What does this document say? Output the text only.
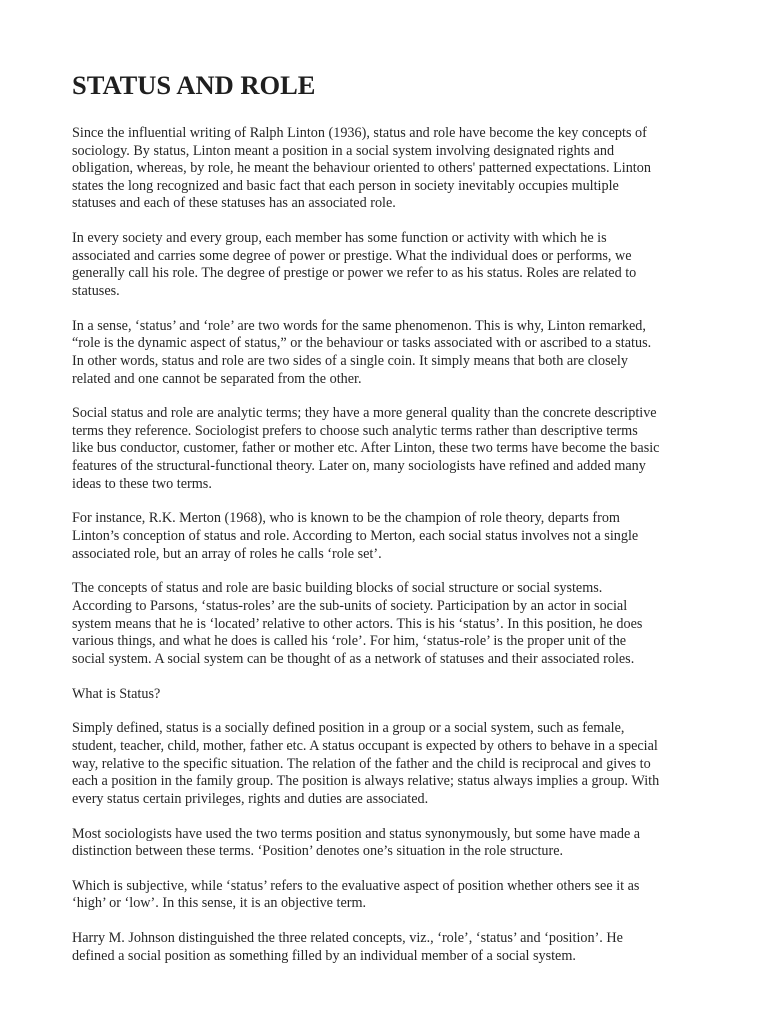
STATUS AND ROLE

Since the influential writing of Ralph Linton (1936), status and role have become the key concepts of
sociology. By status, Linton meant a position in a social system involving designated rights and
obligation, whereas, by role, he meant the behaviour oriented to others' patterned expectations. Linton
states the long recognized and basic fact that each person in society inevitably occupies multiple
statuses and each of these statuses has an associated role.

In every society and every group, each member has some function or activity with which he is
associated and carries some degree of power or prestige. What the individual does or performs, we
generally call his role. The degree of prestige or power we refer to as his status. Roles are related to
statuses.

In a sense, ‘status’ and ‘role’ are two words for the same phenomenon. This is why, Linton remarked,
“role is the dynamic aspect of status,” or the behaviour or tasks associated with or ascribed to a status.
In other words, status and role are two sides of a single coin. It simply means that both are closely
related and one cannot be separated from the other.

Social status and role are analytic terms; they have a more general quality than the concrete descriptive
terms they reference. Sociologist prefers to choose such analytic terms rather than descriptive terms
like bus conductor, customer, father or mother etc. After Linton, these two terms have become the basic
features of the structural-functional theory. Later on, many sociologists have refined and added many
ideas to these two terms.

For instance, R.K. Merton (1968), who is known to be the champion of role theory, departs from
Linton’s conception of status and role. According to Merton, each social status involves not a single
associated role, but an array of roles he calls ‘role set’.

The concepts of status and role are basic building blocks of social structure or social systems.
According to Parsons, ‘status-roles’ are the sub-units of society. Participation by an actor in social
system means that he is ‘located’ relative to other actors. This is his ‘status’. In this position, he does
various things, and what he does is called his ‘role’. For him, ‘status-role’ is the proper unit of the
social system. A social system can be thought of as a network of statuses and their associated roles.

What is Status?

Simply defined, status is a socially defined position in a group or a social system, such as female,
student, teacher, child, mother, father etc. A status occupant is expected by others to behave in a special
way, relative to the specific situation. The relation of the father and the child is reciprocal and gives to
each a position in the family group. The position is always relative; status always implies a group. With
every status certain privileges, rights and duties are associated.

Most sociologists have used the two terms position and status synonymously, but some have made a
distinction between these terms. ‘Position’ denotes one’s situation in the role structure.

Which is subjective, while ‘status’ refers to the evaluative aspect of position whether others see it as
‘high’ or ‘low’. In this sense, it is an objective term.

Harry M. Johnson distinguished the three related concepts, viz., ‘role’, ‘status’ and ‘position’. He
defined a social position as something filled by an individual member of a social system.
